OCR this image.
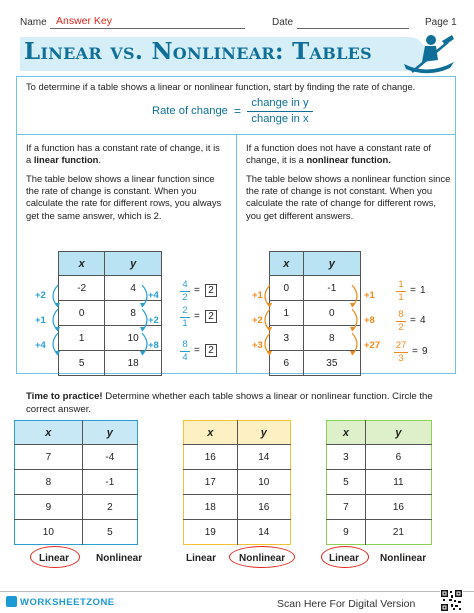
Name Answer Key	Date	Page 1
Linear vs. Nonlinear: Tables
To determine if a table shows a linear or nonlinear function, start by finding the rate of change.
Rate of change =
change in y
change in x
If a function has a constant rate of change, it is a linear function.
The table below shows a linear function since the rate of change is constant. When you calculate the rate for different rows, you always get the same answer, which is 2.
If a function does not have a constant rate of change, it is a nonlinear function.
The table below shows a nonlinear function since the rate of change is not constant. When you calculate the rate of change for different rows, you get different answers.
x	y
-2	4
0	8
1	10
5	18
+2
+1
+4
+4
+2
+8
4
2
= 2
2
1
= 2
8
4
= 2
x	y
0	-1
1	0
3	8
6	35
+1
+2
+3
+1
+8
+27
1
1
= 1
8
2
= 4
27
3
= 9
Time to practice! Determine whether each table shows a linear or nonlinear function. Circle the correct answer.
x	y
7	-4
8	-1
9	2
10	5
x	y
16	14
17	10
18	16
19	14
x	y
3	6
5	11
7	16
9	21
Linear	Nonlinear	Linear Nonlinear	Linear Nonlinear
WORKSHEETZONE	Scan Here For Digital Version
